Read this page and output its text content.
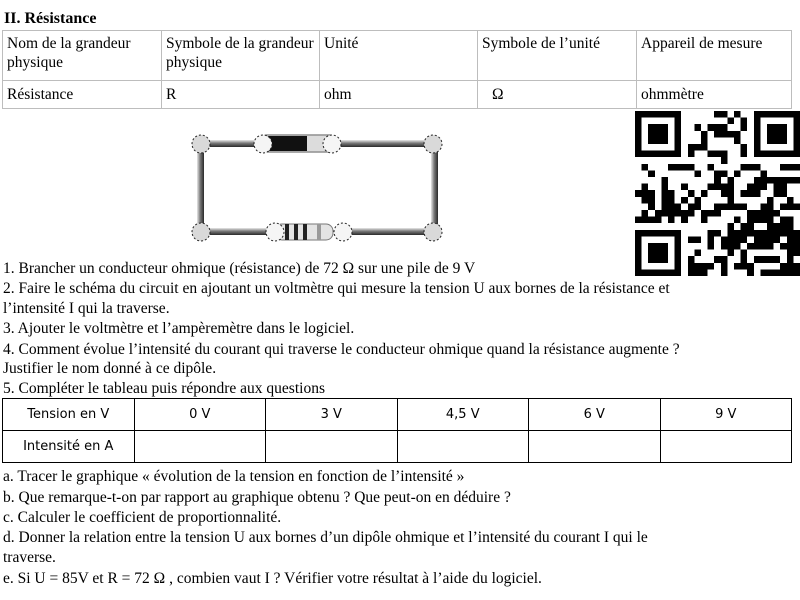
II. Résistance
Nom de la grandeur physique	Symbole de la grandeur physique	Unité	Symbole de l’unité	Appareil de mesure
Résistance	R	ohm	Ω	ohmmètre
1. Brancher un conducteur ohmique (résistance) de 72 Ω sur une pile de 9 V
2. Faire le schéma du circuit en ajoutant un voltmètre qui mesure la tension U aux bornes de la résistance et
l’intensité I qui la traverse.
3. Ajouter le voltmètre et l’ampèremètre dans le logiciel.
4. Comment évolue l’intensité du courant qui traverse le conducteur ohmique quand la résistance augmente ?
Justifier le nom donné à ce dipôle.
5. Compléter le tableau puis répondre aux questions
Tension en V	0 V	3 V	4,5 V	6 V	9 V
Intensité en A					
a. Tracer le graphique « évolution de la tension en fonction de l’intensité »
b. Que remarque-t-on par rapport au graphique obtenu ? Que peut-on en déduire ?
c. Calculer le coefficient de proportionnalité.
d. Donner la relation entre la tension U aux bornes d’un dipôle ohmique et l’intensité du courant I qui le
traverse.
e. Si U = 85V et R = 72 Ω , combien vaut I ? Vérifier votre résultat à l’aide du logiciel.
